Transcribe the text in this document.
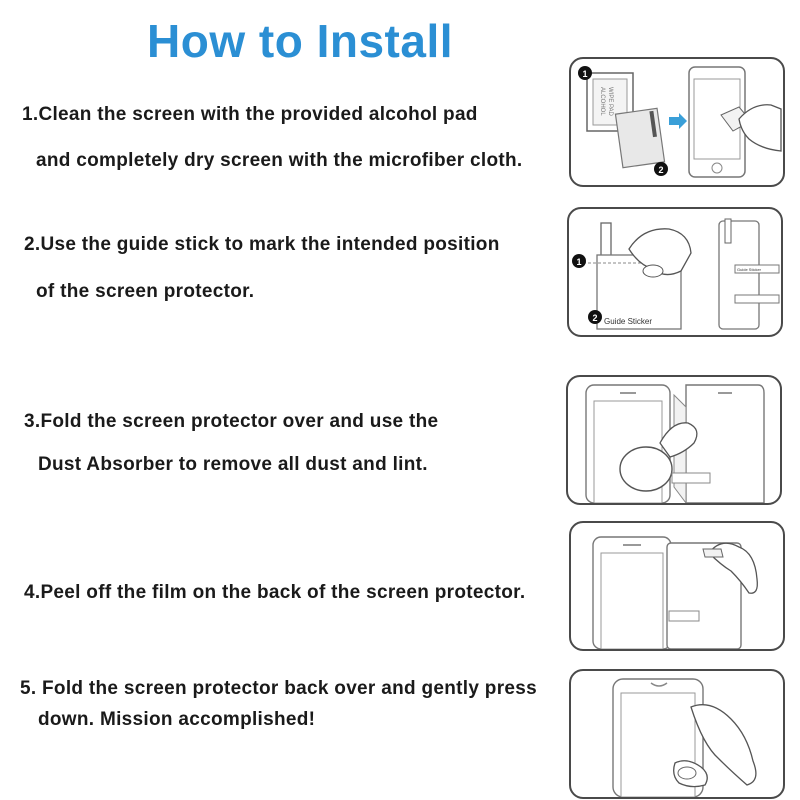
How to Install
1.Clean the screen with the provided alcohol pad
and completely dry screen with the microfiber cloth.
ALCOHOL WIPE PAD
1
2
2.Use the guide stick to mark the intended position
of the screen protector.
1
2 Guide Sticker
Guide Sticker
3.Fold the screen protector over and use the
Dust Absorber to remove all dust and lint.
4.Peel off the film on the back of the screen protector.
5. Fold the screen protector back over and gently press
down. Mission accomplished!
